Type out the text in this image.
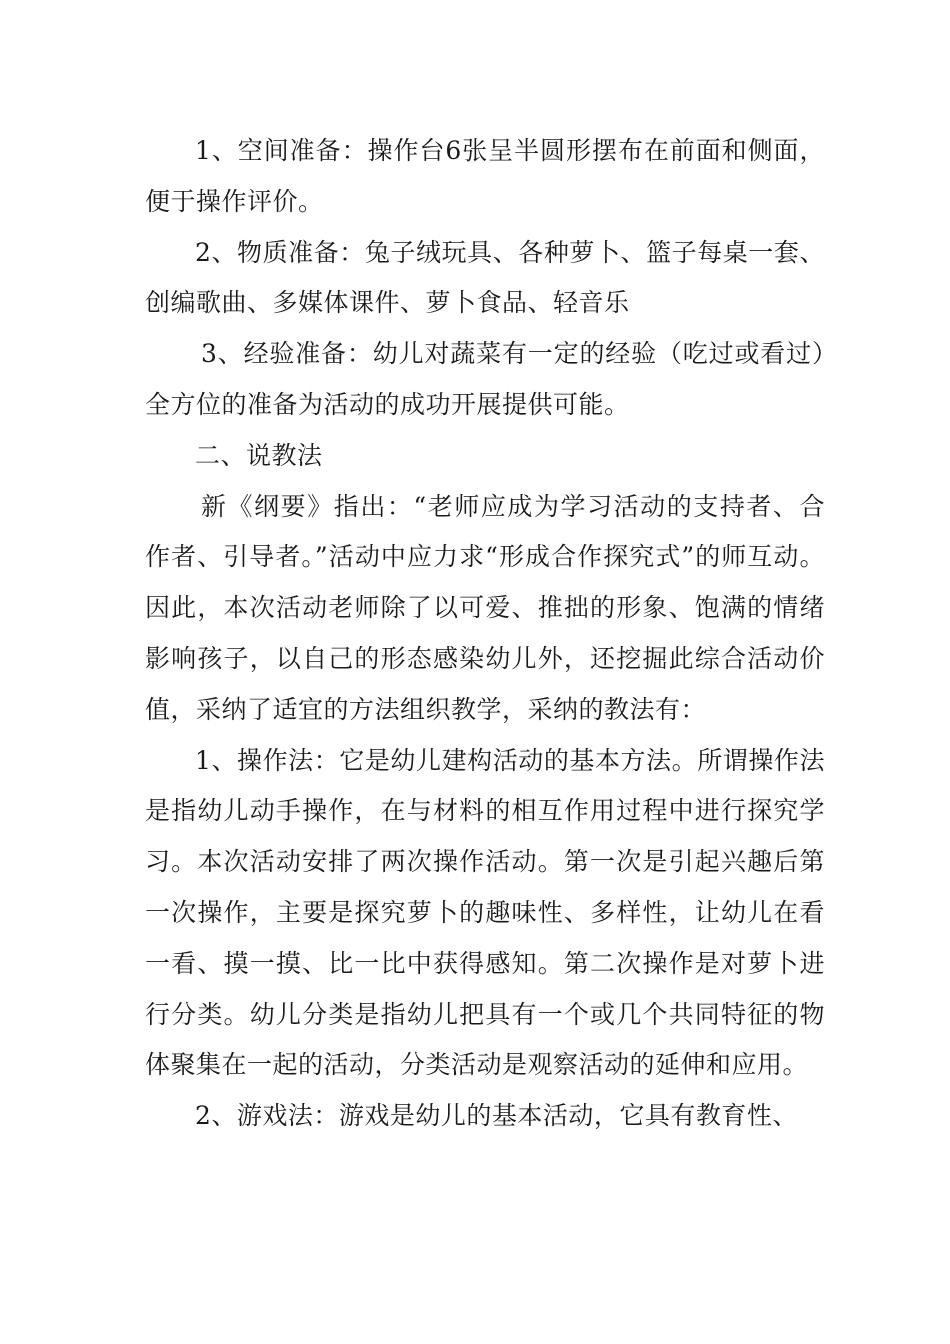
1、空间准备：操作台6张呈半圆形摆布在前面和侧面，便于操作评价。

2、物质准备：兔子绒玩具、各种萝卜、篮子每桌一套、创编歌曲、多媒体课件、萝卜食品、轻音乐

3、经验准备：幼儿对蔬菜有一定的经验（吃过或看过）全方位的准备为活动的成功开展提供可能。

二、说教法

新《纲要》指出：“老师应成为学习活动的支持者、合作者、引导者。”活动中应力求“形成合作探究式”的师互动。因此，本次活动老师除了以可爱、推拙的形象、饱满的情绪影响孩子，以自己的形态感染幼儿外，还挖掘此综合活动价值，采纳了适宜的方法组织教学，采纳的教法有：

1、操作法：它是幼儿建构活动的基本方法。所谓操作法是指幼儿动手操作，在与材料的相互作用过程中进行探究学习。本次活动安排了两次操作活动。第一次是引起兴趣后第一次操作，主要是探究萝卜的趣味性、多样性，让幼儿在看一看、摸一摸、比一比中获得感知。第二次操作是对萝卜进行分类。幼儿分类是指幼儿把具有一个或几个共同特征的物体聚集在一起的活动，分类活动是观察活动的延伸和应用。

2、游戏法：游戏是幼儿的基本活动，它具有教育性、
